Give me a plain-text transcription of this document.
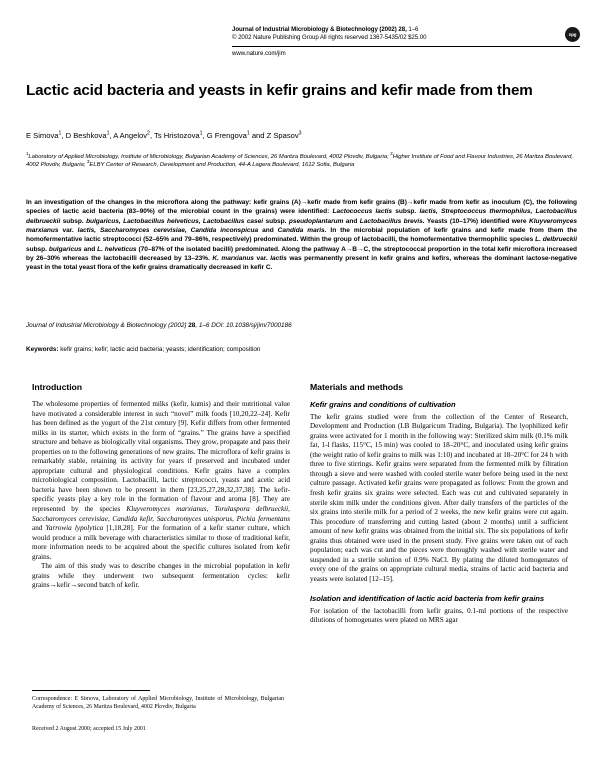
Journal of Industrial Microbiology & Biotechnology (2002) 28, 1–6
© 2002 Nature Publishing Group All rights reserved 1367-5435/02 $25.00
www.nature.com/jim
npg
Lactic acid bacteria and yeasts in kefir grains and kefir made from them
E Simova$^1$, D Beshkova$^1$, A Angelov$^2$, Ts Hristozova$^1$, G Frengova$^1$ and Z Spasov$^3$
$^1$Laboratory of Applied Microbiology, Institute of Microbiology, Bulgarian Academy of Sciences, 26 Maritza Boulevard, 4002 Plovdiv, Bulgaria; $^2$Higher Institute of Food and Flavour Industries, 26 Maritza Boulevard, 4002 Plovdiv, Bulgaria; $^3$ELBY Center of Research, Development and Production, 44-A Lagera Boulevard, 1612 Sofia, Bulgaria
In an investigation of the changes in the microflora along the pathway: kefir grains (A)→kefir made from kefir grains (B)→kefir made from kefir as inoculum (C), the following species of lactic acid bacteria (83–90%) of the microbial count in the grains) were identified: Lactococcus lactis subsp. lactis, Streptococcus thermophilus, Lactobacillus delbrueckii subsp. bulgaricus, Lactobacillus helveticus, Lactobacillus casei subsp. pseudoplantarum and Lactobacillus brevis. Yeasts (10–17%) identified were Kluyveromyces marxianus var. lactis, Saccharomyces cerevisiae, Candida inconspicua and Candida maris. In the microbial population of kefir grains and kefir made from them the homofermentative lactic streptococci (52–65% and 79–86%, respectively) predominated. Within the group of lactobacilli, the homofermentative thermophilic species L. delbrueckii subsp. bulgaricus and L. helveticus (70–87% of the isolated bacilli) predominated. Along the pathway A→B→C, the streptococcal proportion in the total kefir microflora increased by 26–30% whereas the lactobacilli decreased by 13–23%. K. marxianus var. lactis was permanently present in kefir grains and kefirs, whereas the dominant lactose-negative yeast in the total yeast flora of the kefir grains dramatically decreased in kefir C.
Journal of Industrial Microbiology & Biotechnology (2002) 28, 1–6 DOI: 10.1038/sj/jim/7000186
Keywords: kefir grains; kefir; lactic acid bacteria; yeasts; identification; composition
Introduction

The wholesome properties of fermented milks (kefir, kumis) and their nutritional value have motivated a considerable interest in such “novel” milk foods [10,20,22–24]. Kefir has been defined as the yogurt of the 21st century [9]. Kefir differs from other fermented milks in its starter, which exists in the form of “grains.” The grains have a specified structure and behave as biologically vital organisms. They grow, propagate and pass their properties on to the following generations of new grains. The microflora of kefir grains is remarkably stable, retaining its activity for years if preserved and incubated under appropriate cultural and physiological conditions. Kefir grains have a complex microbiological composition. Lactobacilli, lactic streptococci, yeasts and acetic acid bacteria have been shown to be present in them [23,25,27,28,32,37,38]. The kefir-specific yeasts play a key role in the formation of flavour and aroma [8]. They are represented by the species Kluyveromyces marxianus, Torulaspora delbrueckii, Saccharomyces cerevisiae, Candida kefir, Saccharomyces unisporus, Pichia fermentans and Yarrowia lypolytica [1,18,28]. For the formation of a kefir starter culture, which would produce a milk beverage with characteristics similar to those of traditional kefir, more information needs to be acquired about the specific cultures isolated from kefir grains.

The aim of this study was to describe changes in the microbial population in kefir grains while they underwent two subsequent fermentation cycles: kefir grains→kefir→second batch of kefir.

Materials and methods
Kefir grains and conditions of cultivation

The kefir grains studied were from the collection of the Center of Research, Development and Production (LB Bulgaricum Trading, Bulgaria). The lyophilized kefir grains were activated for 1 month in the following way: Sterilized skim milk (0.1% milk fat, 1-l flasks, 115°C, 15 min) was cooled to 18–20°C, and inoculated using kefir grains (the weight ratio of kefir grains to milk was 1:10) and incubated at 18–20°C for 24 h with three to five stirrings. Kefir grains were separated from the fermented milk by filtration through a sieve and were washed with cooled sterile water before being used in the next culture passage. Activated kefir grains were propagated as follows: From the grown and fresh kefir grains six grains were selected. Each was cut and cultivated separately in sterile skim milk under the conditions given. After daily transfers of the particles of the six grains into sterile milk for a period of 2 weeks, the new kefir grains were cut again. This procedure of transferring and cutting lasted (about 2 months) until a sufficient amount of new kefir grains was obtained from the initial six. The six populations of kefir grains thus obtained were used in the present study. Five grains were taken out of each population; each was cut and the pieces were thoroughly washed with sterile water and suspended in a sterile solution of 0.9% NaCl. By plating the diluted homogenates of every one of the grains on appropriate cultural media, strains of lactic acid bacteria and yeasts were isolated [12–15].

Isolation and identification of lactic acid bacteria from kefir grains

For isolation of the lactobacilli from kefir grains, 0.1-ml portions of the respective dilutions of homogenates were plated on MRS agar

Correspondence: E Simova, Laboratory of Applied Microbiology, Institute of Microbiology, Bulgarian Academy of Sciences, 26 Maritza Boulevard, 4002 Plovdiv, Bulgaria
Received 2 August 2000; accepted 15 July 2001
